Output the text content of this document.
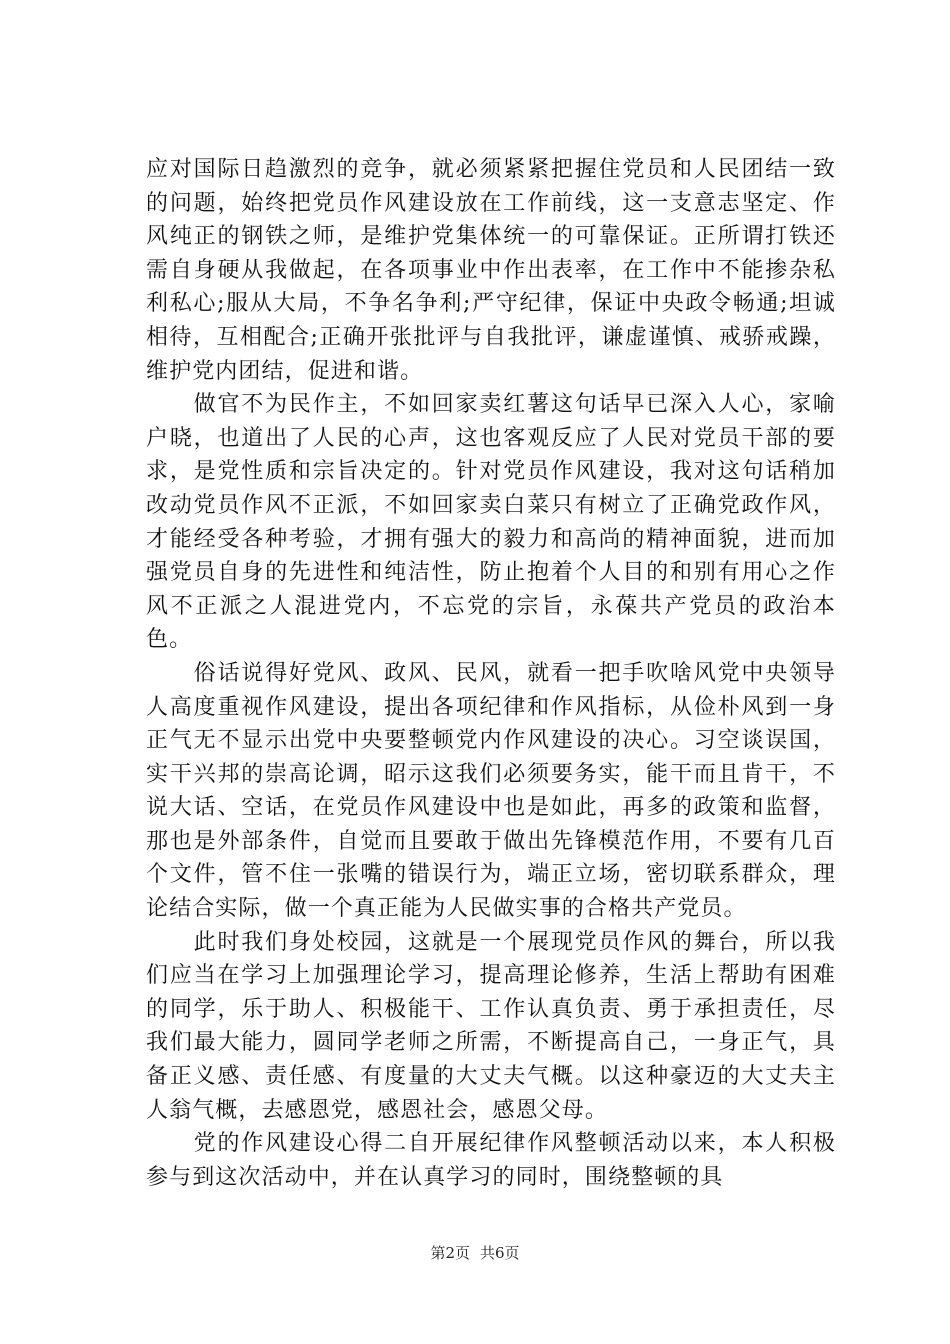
应对国际日趋激烈的竞争，就必须紧紧把握住党员和人民团结一致的问题，始终把党员作风建设放在工作前线，这一支意志坚定、作风纯正的钢铁之师，是维护党集体统一的可靠保证。正所谓打铁还需自身硬从我做起，在各项事业中作出表率，在工作中不能掺杂私利私心;服从大局，不争名争利;严守纪律，保证中央政令畅通;坦诚相待，互相配合;正确开张批评与自我批评，谦虚谨慎、戒骄戒躁，维护党内团结，促进和谐。

　　做官不为民作主，不如回家卖红薯这句话早已深入人心，家喻户晓，也道出了人民的心声，这也客观反应了人民对党员干部的要求，是党性质和宗旨决定的。针对党员作风建设，我对这句话稍加改动党员作风不正派，不如回家卖白菜只有树立了正确党政作风，才能经受各种考验，才拥有强大的毅力和高尚的精神面貌，进而加强党员自身的先进性和纯洁性，防止抱着个人目的和别有用心之作风不正派之人混进党内，不忘党的宗旨，永葆共产党员的政治本色。

　　俗话说得好党风、政风、民风，就看一把手吹啥风党中央领导人高度重视作风建设，提出各项纪律和作风指标，从俭朴风到一身正气无不显示出党中央要整顿党内作风建设的决心。习空谈误国，实干兴邦的崇高论调，昭示这我们必须要务实，能干而且肯干，不说大话、空话，在党员作风建设中也是如此，再多的政策和监督，那也是外部条件，自觉而且要敢于做出先锋模范作用，不要有几百个文件，管不住一张嘴的错误行为，端正立场，密切联系群众，理论结合实际，做一个真正能为人民做实事的合格共产党员。

　　此时我们身处校园，这就是一个展现党员作风的舞台，所以我们应当在学习上加强理论学习，提高理论修养，生活上帮助有困难的同学，乐于助人、积极能干、工作认真负责、勇于承担责任，尽我们最大能力，圆同学老师之所需，不断提高自己，一身正气，具备正义感、责任感、有度量的大丈夫气概。以这种豪迈的大丈夫主人翁气概，去感恩党，感恩社会，感恩父母。

　　党的作风建设心得二自开展纪律作风整顿活动以来，本人积极参与到这次活动中，并在认真学习的同时，围绕整顿的具

第2页 共6页
